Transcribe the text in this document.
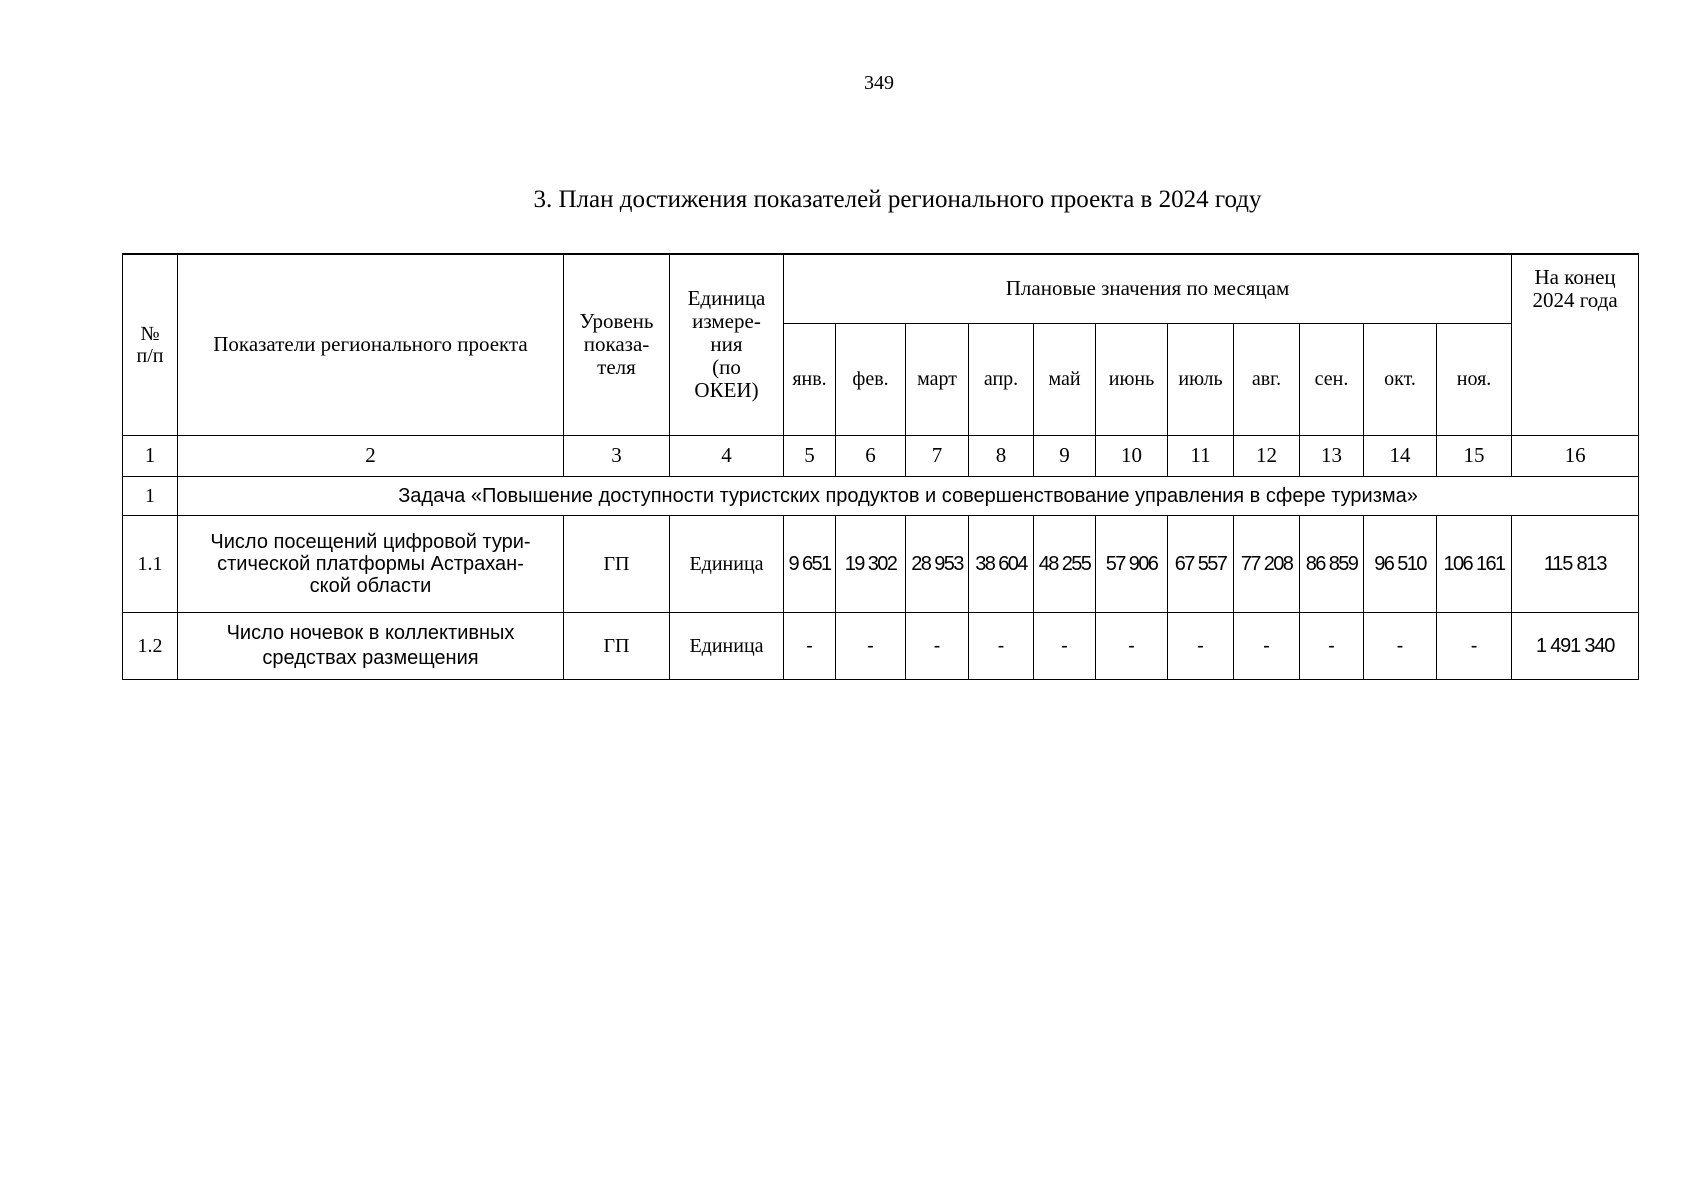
349
3. План достижения показателей регионального проекта в 2024 году
№
п/п	Показатели регионального проекта	Уровень
показа-
теля	Единица
измере-
ния
(по
ОКЕИ)	Плановые значения по месяцам											На конец
2024 года
				янв.	фев.	март	апр.	май	июнь	июль	авг.	сен.	окт.	ноя.	
1	2	3	4	5	6	7	8	9	10	11	12	13	14	15	16
1	Задача «Повышение доступности туристских продуктов и совершенствование управления в сфере туризма»														
1.1	Число посещений цифровой тури-
стической платформы Астрахан-
ской области	ГП	Единица	9 651	19 302	28 953	38 604	48 255	57 906	67 557	77 208	86 859	96 510	106 161	115 813
1.2	Число ночевок в коллективных
средствах размещения	ГП	Единица	-	-	-	-	-	-	-	-	-	-	-	1 491 340
